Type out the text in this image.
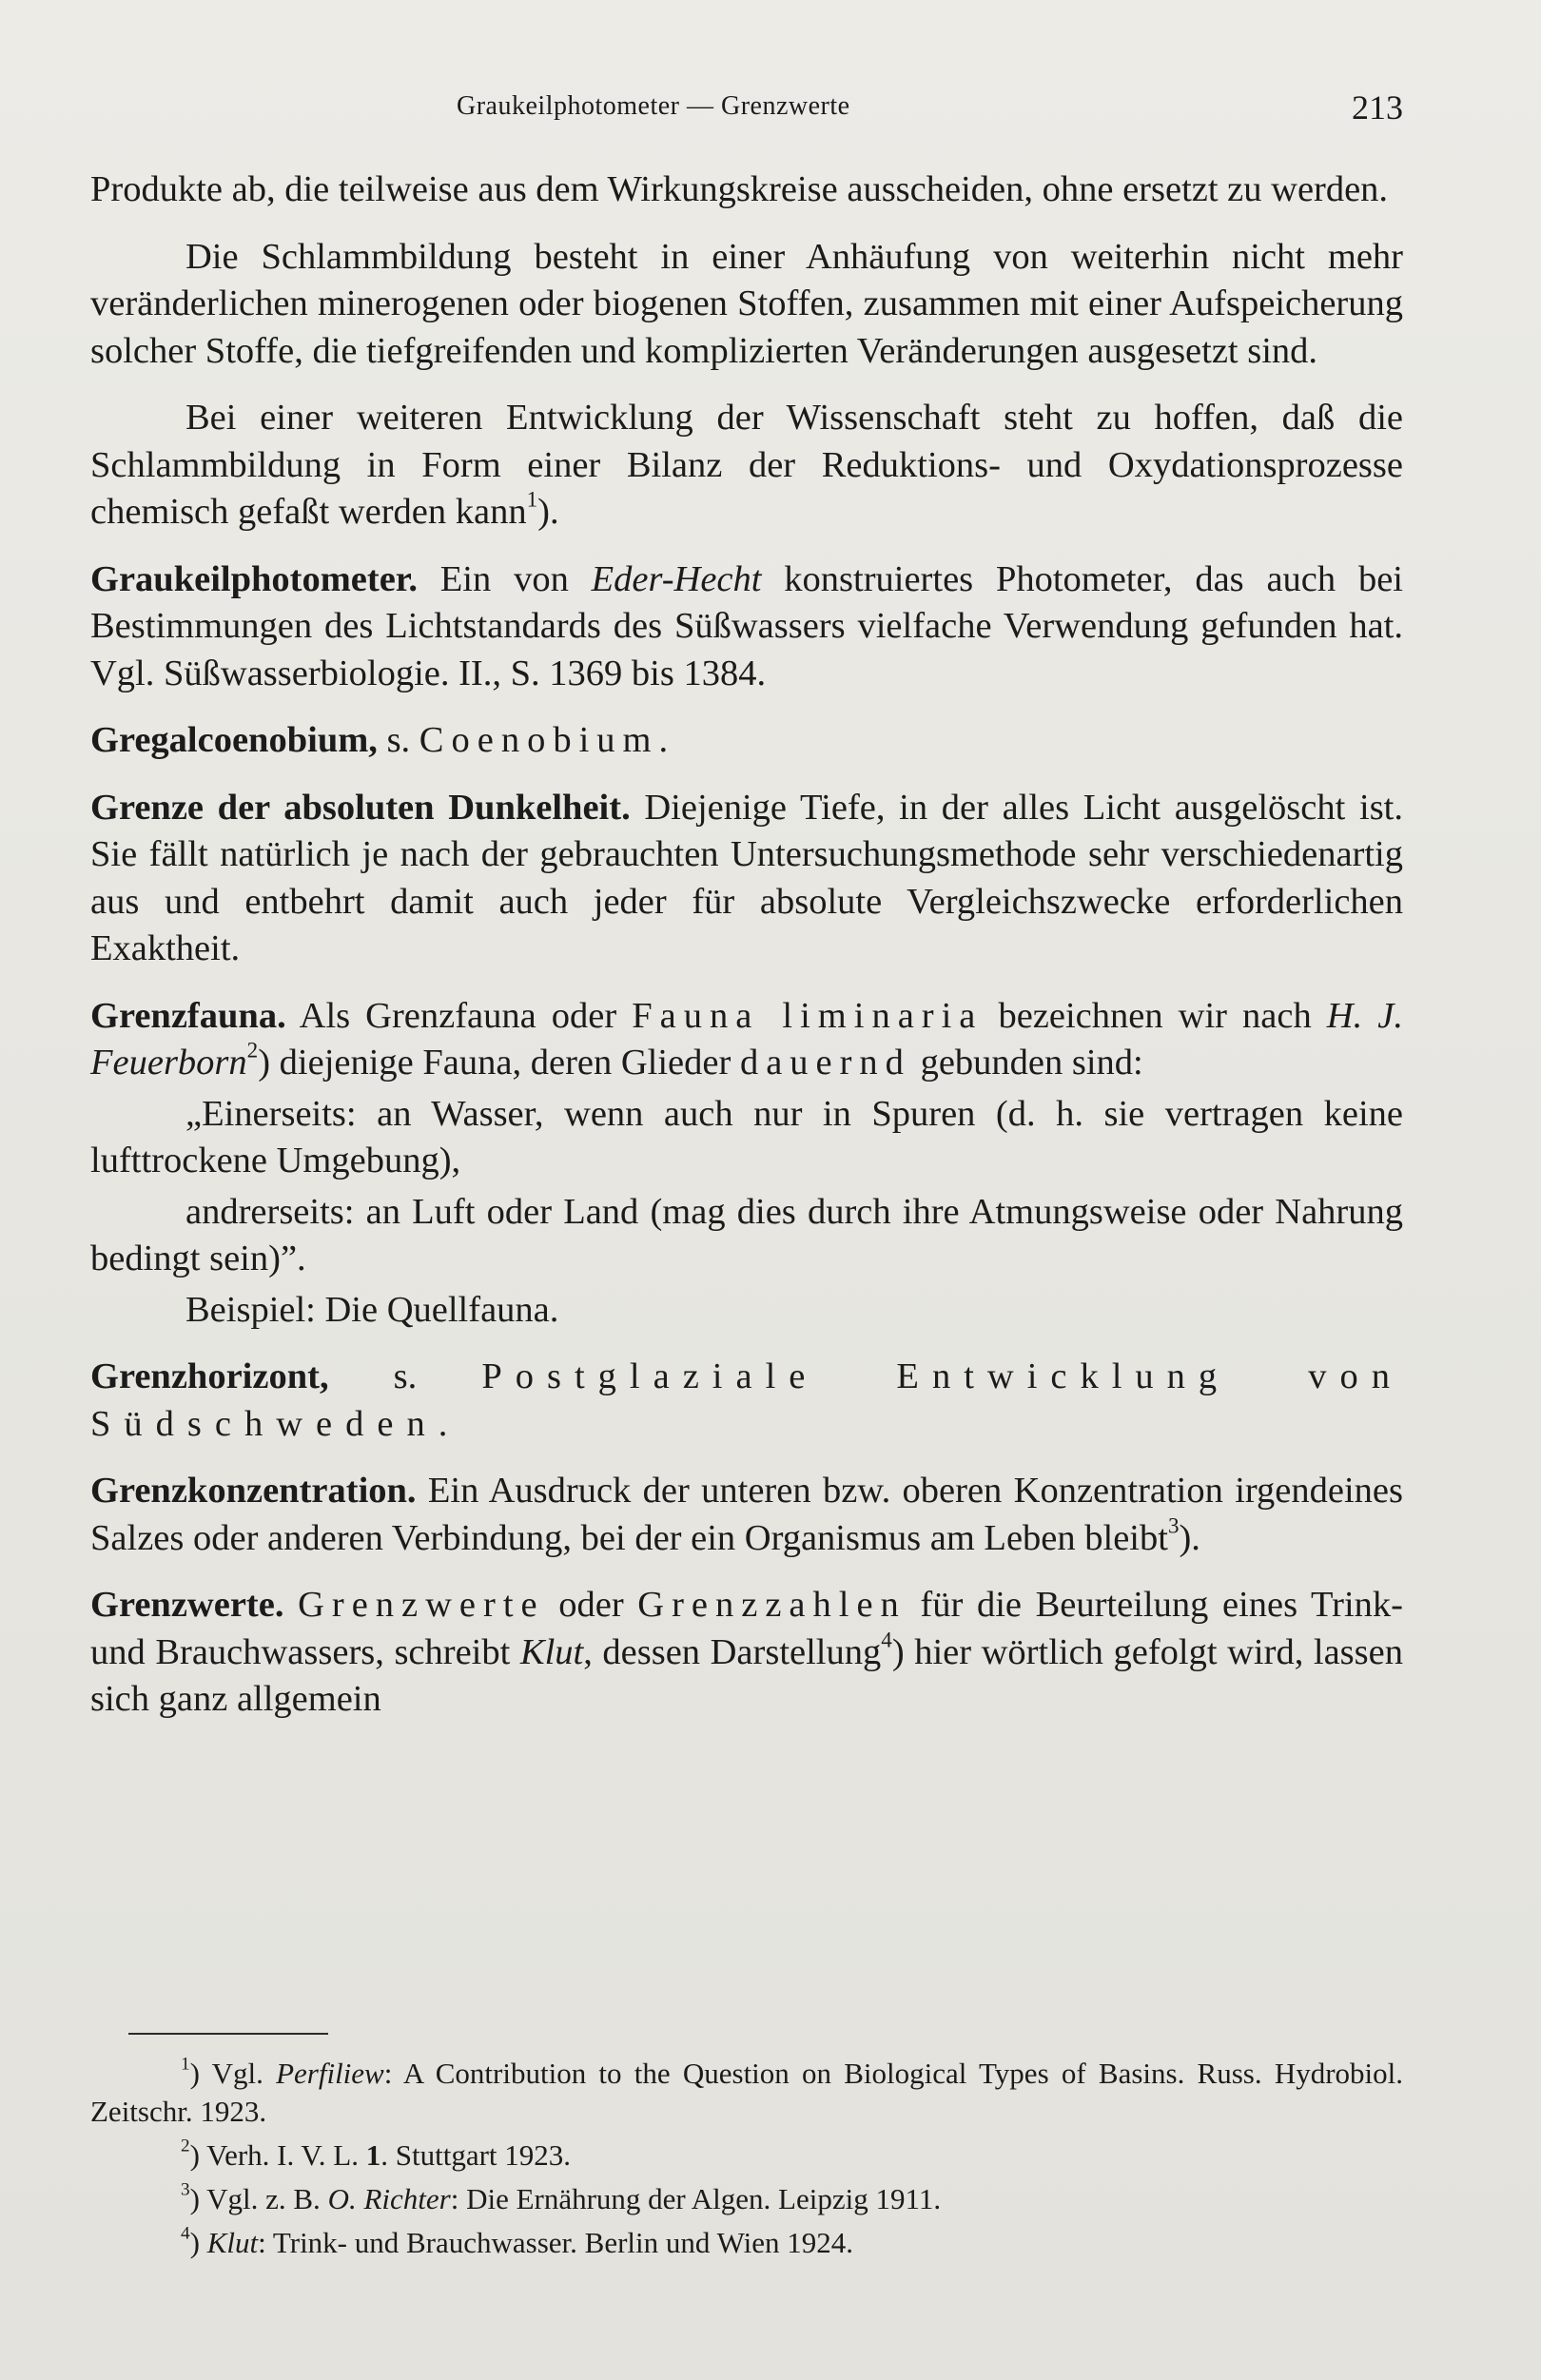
Graukeilphotometer — Grenzwerte	213

Produkte ab, die teilweise aus dem Wirkungskreise ausscheiden, ohne ersetzt zu werden.

Die Schlammbildung besteht in einer Anhäufung von weiterhin nicht mehr veränderlichen minerogenen oder biogenen Stoffen, zusammen mit einer Aufspeicherung solcher Stoffe, die tiefgreifenden und komplizierten Veränderungen ausgesetzt sind.

Bei einer weiteren Entwicklung der Wissenschaft steht zu hoffen, daß die Schlammbildung in Form einer Bilanz der Reduktions- und Oxydationsprozesse chemisch gefaßt werden kann$^1$).

Graukeilphotometer. Ein von Eder-Hecht konstruiertes Photometer, das auch bei Bestimmungen des Lichtstandards des Süßwassers vielfache Verwendung gefunden hat. Vgl. Süßwasserbiologie. II., S. 1369 bis 1384.

Gregalcoenobium, s. Coenobium.

Grenze der absoluten Dunkelheit. Diejenige Tiefe, in der alles Licht ausgelöscht ist. Sie fällt natürlich je nach der gebrauchten Untersuchungsmethode sehr verschiedenartig aus und entbehrt damit auch jeder für absolute Vergleichszwecke erforderlichen Exaktheit.

Grenzfauna. Als Grenzfauna oder Fauna liminaria bezeichnen wir nach H. J. Feuerborn$^2$) diejenige Fauna, deren Glieder dauernd gebunden sind:

„Einerseits: an Wasser, wenn auch nur in Spuren (d. h. sie vertragen keine lufttrockene Umgebung),

andrerseits: an Luft oder Land (mag dies durch ihre Atmungsweise oder Nahrung bedingt sein)”.

Beispiel: Die Quellfauna.

Grenzhorizont, s. Postglaziale Entwicklung von Südschweden.

Grenzkonzentration. Ein Ausdruck der unteren bzw. oberen Konzentration irgendeines Salzes oder anderen Verbindung, bei der ein Organismus am Leben bleibt$^3$).

Grenzwerte. Grenzwerte oder Grenzzahlen für die Beurteilung eines Trink- und Brauchwassers, schreibt Klut, dessen Darstellung$^4$) hier wörtlich gefolgt wird, lassen sich ganz allgemein

$^1$) Vgl. Perfiliew: A Contribution to the Question on Biological Types of Basins. Russ. Hydrobiol. Zeitschr. 1923.

$^2$) Verh. I. V. L. 1. Stuttgart 1923.

$^3$) Vgl. z. B. O. Richter: Die Ernährung der Algen. Leipzig 1911.

$^4$) Klut: Trink- und Brauchwasser. Berlin und Wien 1924.
